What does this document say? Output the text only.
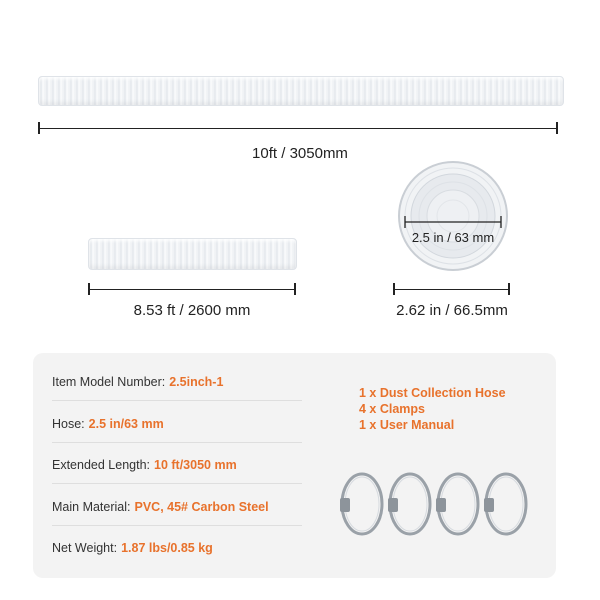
10ft / 3050mm
8.53 ft / 2600 mm
2.5 in / 63 mm
2.62 in / 66.5mm
Item Model Number: 2.5inch-1
Hose: 2.5 in/63 mm
Extended Length: 10 ft/3050 mm
Main Material: PVC, 45# Carbon Steel
Net Weight: 1.87 lbs/0.85 kg
1 x Dust Collection Hose
4 x Clamps
1 x User Manual
